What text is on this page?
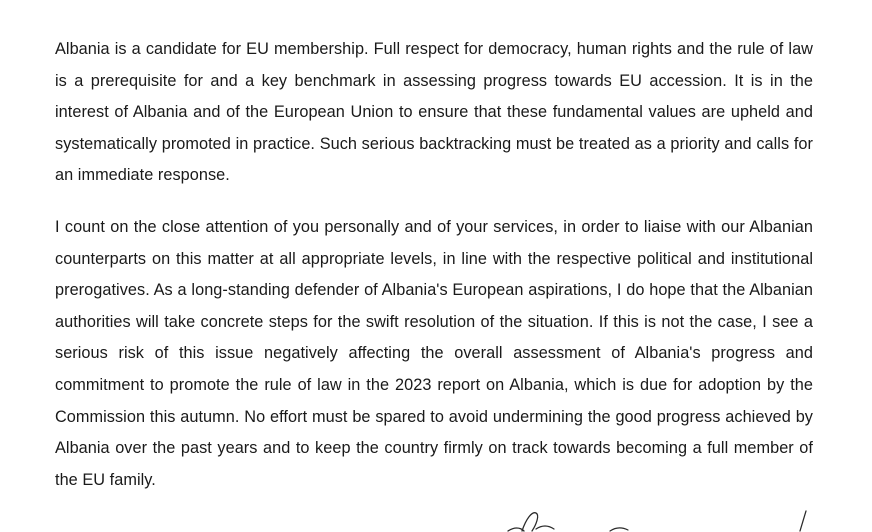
Albania is a candidate for EU membership. Full respect for democracy, human rights and the rule of law is a prerequisite for and a key benchmark in assessing progress towards EU accession. It is in the interest of Albania and of the European Union to ensure that these fundamental values are upheld and systematically promoted in practice. Such serious backtracking must be treated as a priority and calls for an immediate response.

I count on the close attention of you personally and of your services, in order to liaise with our Albanian counterparts on this matter at all appropriate levels, in line with the respective political and institutional prerogatives. As a long-standing defender of Albania's European aspirations, I do hope that the Albanian authorities will take concrete steps for the swift resolution of the situation. If this is not the case, I see a serious risk of this issue negatively affecting the overall assessment of Albania's progress and commitment to promote the rule of law in the 2023 report on Albania, which is due for adoption by the Commission this autumn. No effort must be spared to avoid undermining the good progress achieved by Albania over the past years and to keep the country firmly on track towards becoming a full member of the EU family.
